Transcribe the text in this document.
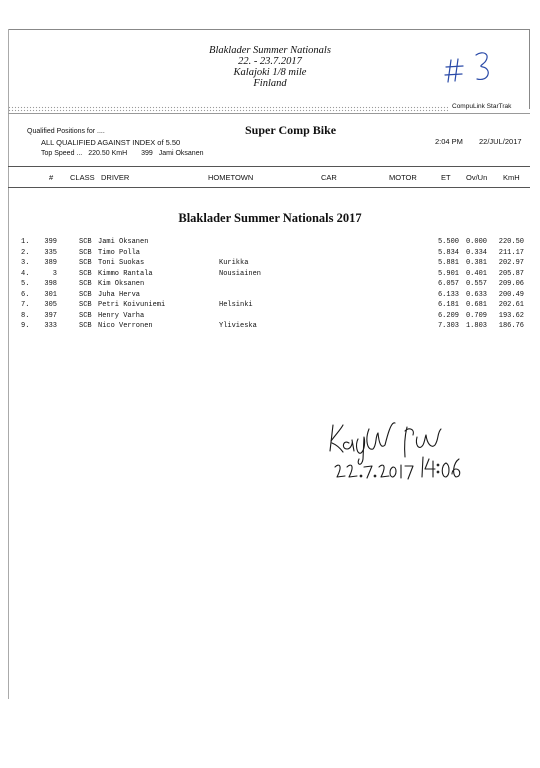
Blaklader Summer Nationals
22. - 23.7.2017
Kalajoki 1/8 mile
Finland
CompuLink StarTrak
Qualified Positions for ....
ALL QUALIFIED AGAINST INDEX of 5.50
Top Speed ... 220.50 KmH 399 Jami Oksanen
Super Comp Bike
2:04 PM 22/JUL/2017
# CLASS DRIVER	HOMETOWN	CAR	MOTOR	ET Ov/Un KmH
Blaklader Summer Nationals 2017
1.	399	SCB Jami Oksanen	5.500 0.000	220.50
2.	335	SCB Timo Polla	5.834 0.334	211.17
3.	389	SCB Toni Suokas	Kurikka	5.881 0.381	202.97
4.	3	SCB Kimmo Rantala	Nousiainen	5.901 0.401	205.87
5.	398	SCB Kim Oksanen	6.057 0.557	209.06
6.	301	SCB Juha Herva	6.133 0.633	200.49
7.	305	SCB Petri Koivuniemi	Helsinki	6.181 0.681	202.61
8.	397	SCB Henry Varha	6.209 0.709	193.62
9.	333	SCB Nico Verronen	Ylivieska	7.303 1.803	186.76
